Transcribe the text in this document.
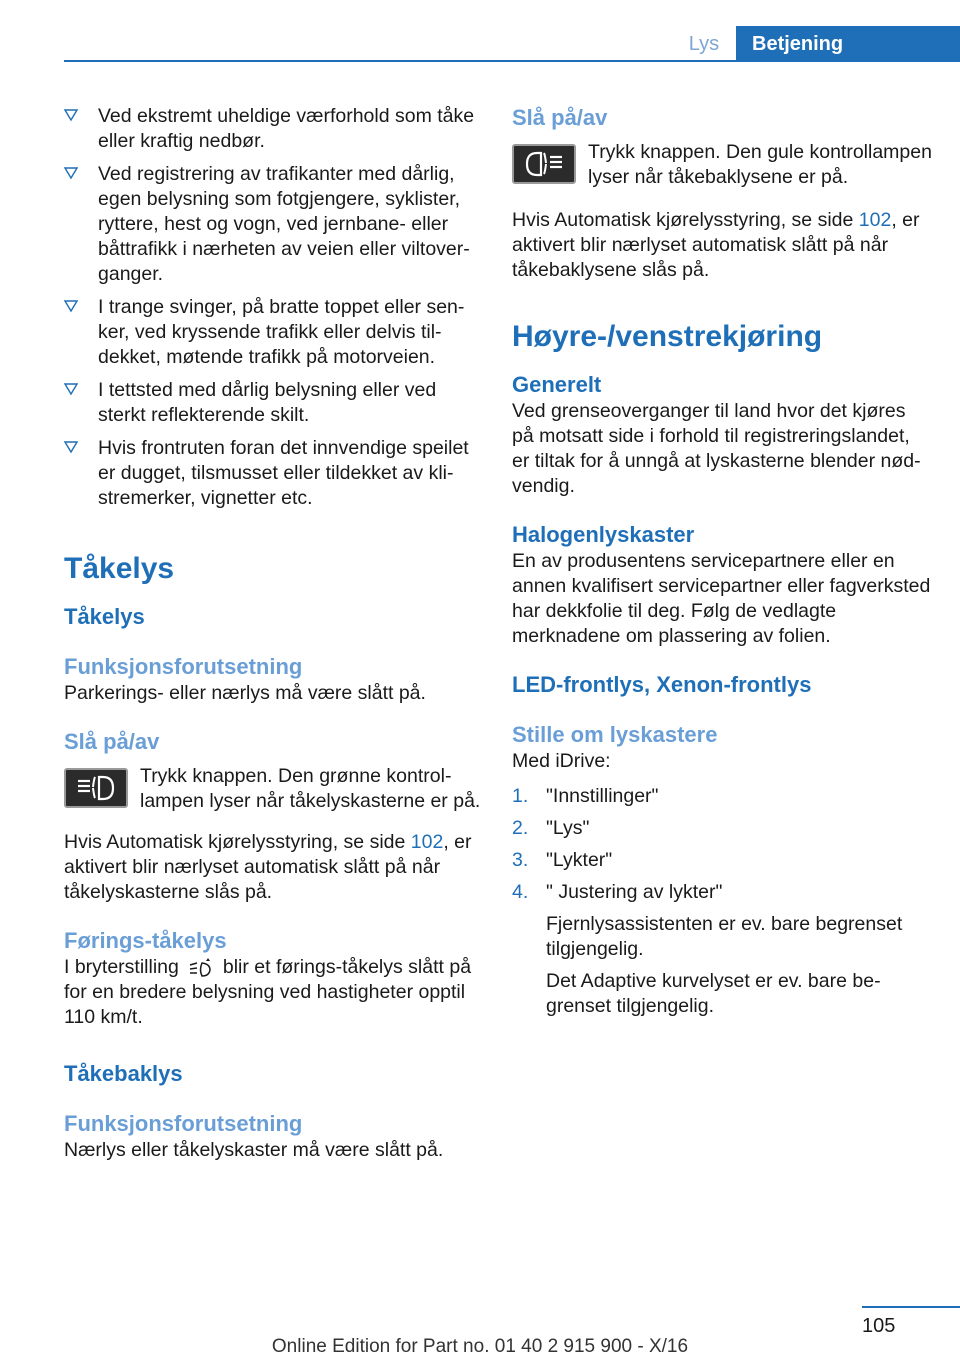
Lys	Betjening
Ved ekstremt uheldige værforhold som tåke eller kraftig nedbør.
Ved registrering av trafikanter med dårlig, egen belysning som fotgjengere, syklister, ryttere, hest og vogn, ved jernbane- eller båttrafikk i nærheten av veien eller viltoverganger.
I trange svinger, på bratte toppet eller senker, ved kryssende trafikk eller delvis tildekket, møtende trafikk på motorveien.
I tettsted med dårlig belysning eller ved sterkt reflekterende skilt.
Hvis frontruten foran det innvendige speilet er dugget, tilsmusset eller tildekket av klistremerker, vignetter etc.
Tåkelys
Tåkelys
Funksjonsforutsetning

Parkerings- eller nærlys må være slått på.

Slå på/av
Trykk knappen. Den grønne kontrollampen lyser når tåkelyskasterne er på.

Hvis Automatisk kjørelysstyring, se side 102, er aktivert blir nærlyset automatisk slått på når tåkelyskasterne slås på.

Førings-tåkelys

I bryterstilling blir et førings-tåkelys slått på for en bredere belysning ved hastigheter opptil 110 km/t.

Tåkebaklys
Funksjonsforutsetning

Nærlys eller tåkelyskaster må være slått på.

Slå på/av
Trykk knappen. Den gule kontrollampen lyser når tåkebaklysene er på.

Hvis Automatisk kjørelysstyring, se side 102, er aktivert blir nærlyset automatisk slått på når tåkebaklysene slås på.

Høyre-/venstrekjøring
Generelt

Ved grenseoverganger til land hvor det kjøres på motsatt side i forhold til registreringslandet, er tiltak for å unngå at lyskasterne blender nødvendig.

Halogenlyskaster

En av produsentens servicepartnere eller en annen kvalifisert servicepartner eller fagverksted har dekkfolie til deg. Følg de vedlagte merknadene om plassering av folien.

LED-frontlys, Xenon-frontlys
Stille om lyskastere

Med iDrive:

1. "Innstillinger"
2. "Lys"
3. "Lykter"
4. " Justering av lykter"

Fjernlysassistenten er ev. bare begrenset tilgjengelig.

Det Adaptive kurvelyset er ev. bare begrenset tilgjengelig.

105
Online Edition for Part no. 01 40 2 915 900 - X/16
